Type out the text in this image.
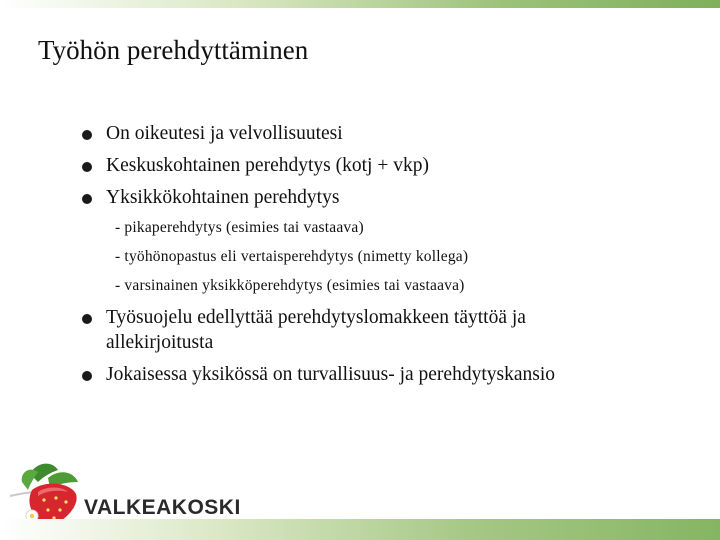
Työhön perehdyttäminen
On oikeutesi ja velvollisuutesi
Keskuskohtainen perehdytys (kotj + vkp)
Yksikkökohtainen perehdytys
- pikaperehdytys (esimies tai vastaava)
- työhönopastus eli vertaisperehdytys (nimetty kollega)
- varsinainen yksikköperehdytys (esimies tai vastaava)
Työsuojelu edellyttää perehdytyslomakkeen täyttöä ja
allekirjoitusta
Jokaisessa yksikössä on turvallisuus- ja perehdytyskansio
VALKEAKOSKI
